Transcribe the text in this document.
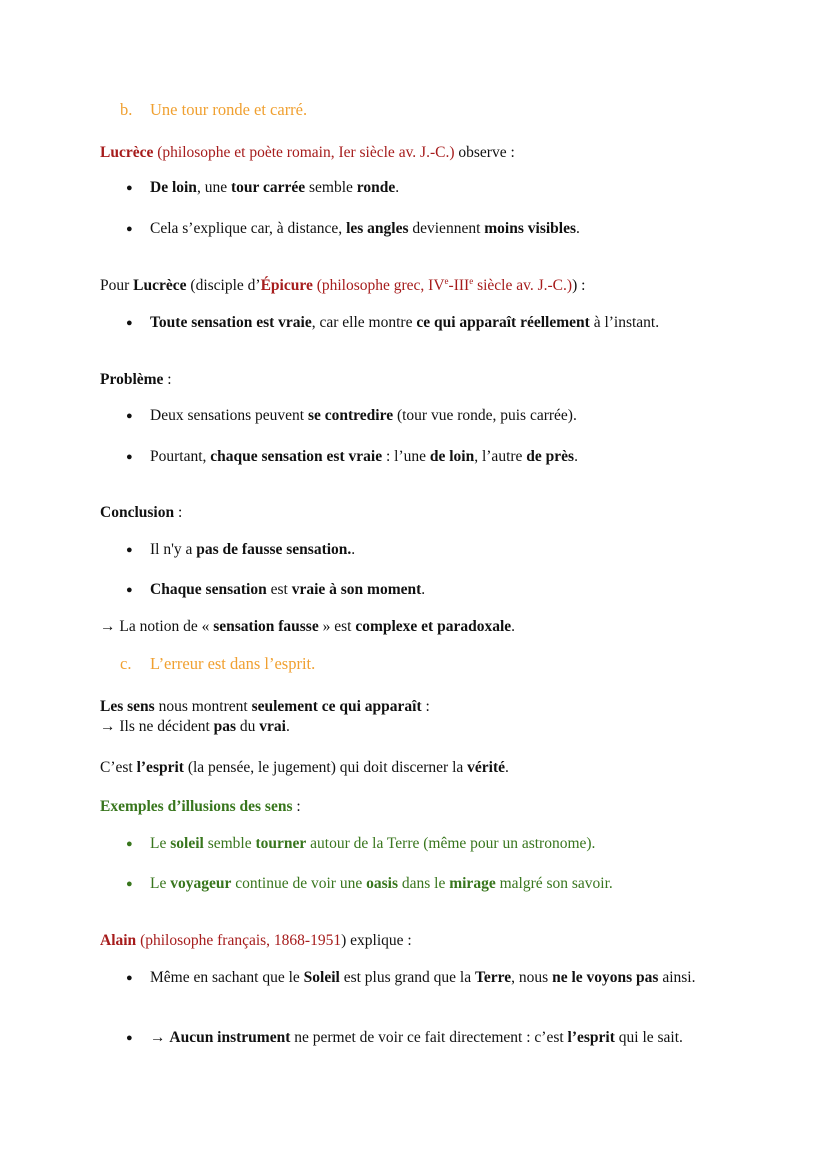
b. Une tour ronde et carré.
Lucrèce (philosophe et poète romain, Ier siècle av. J.-C.) observe :
● De loin, une tour carrée semble ronde.
● Cela s’explique car, à distance, les angles deviennent moins visibles.
Pour Lucrèce (disciple d’Épicure (philosophe grec, IVe-IIIe siècle av. J.-C.)) :
● Toute sensation est vraie, car elle montre ce qui apparaît réellement à l’instant.
Problème :
● Deux sensations peuvent se contredire (tour vue ronde, puis carrée).
● Pourtant, chaque sensation est vraie : l’une de loin, l’autre de près.
Conclusion :
● Il n'y a pas de fausse sensation..
● Chaque sensation est vraie à son moment.
→ La notion de « sensation fausse » est complexe et paradoxale.
c. L’erreur est dans l’esprit.
Les sens nous montrent seulement ce qui apparaît :
→ Ils ne décident pas du vrai.
C’est l’esprit (la pensée, le jugement) qui doit discerner la vérité.
Exemples d’illusions des sens :
● Le soleil semble tourner autour de la Terre (même pour un astronome).
● Le voyageur continue de voir une oasis dans le mirage malgré son savoir.
Alain (philosophe français, 1868-1951) explique :
● Même en sachant que le Soleil est plus grand que la Terre, nous ne le voyons pas ainsi.
● → Aucun instrument ne permet de voir ce fait directement : c’est l’esprit qui le sait.
